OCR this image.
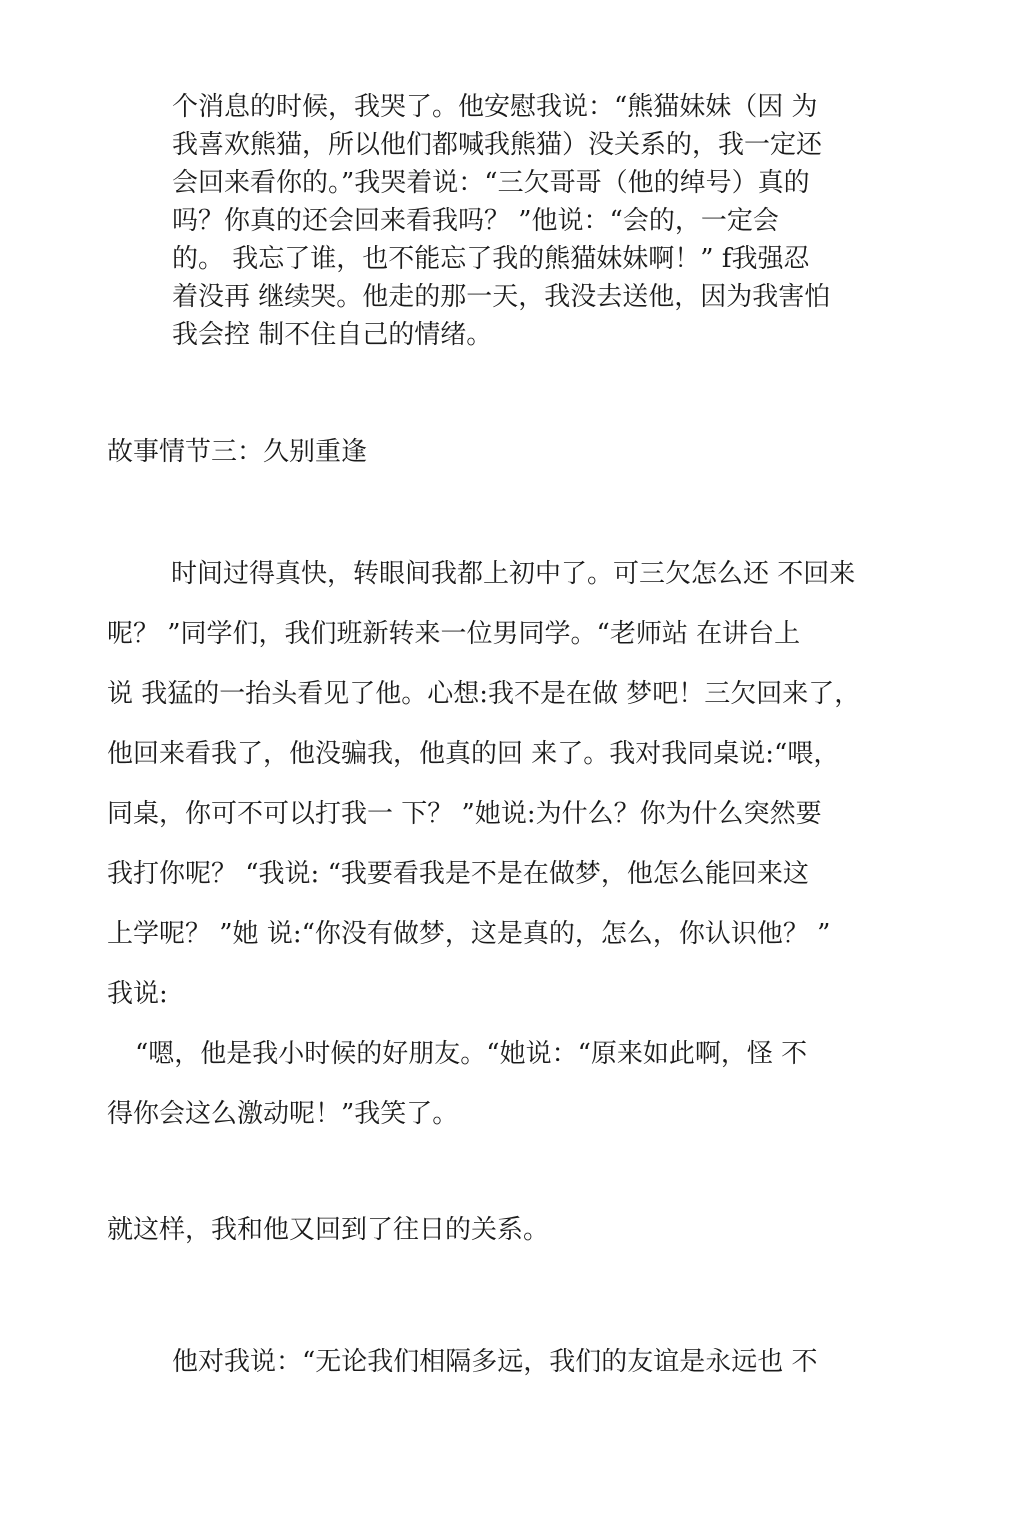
个消息的时候，我哭了。他安慰我说：“熊猫妹妹（因 为
我喜欢熊猫，所以他们都喊我熊猫）没关系的，我一定还
会回来看你的。”我哭着说：“三欠哥哥（他的绰号）真的
吗？你真的还会回来看我吗？ ”他说：“会的，一定会
的。 我忘了谁，也不能忘了我的熊猫妹妹啊！” f我强忍
着没再 继续哭。他走的那一天，我没去送他，因为我害怕
我会控 制不住自己的情绪。
故事情节三：久别重逢
时间过得真快，转眼间我都上初中了。可三欠怎么还 不回来
呢？ ”同学们，我们班新转来一位男同学。“老师站 在讲台上
说 我猛的一抬头看见了他。心想:我不是在做 梦吧！三欠回来了，
他回来看我了，他没骗我，他真的回 来了。我对我同桌说:“喂，
同桌，你可不可以打我一 下？ ”她说:为什么？你为什么突然要
我打你呢？ “我说: “我要看我是不是在做梦，他怎么能回来这
上学呢？ ”她 说:“你没有做梦，这是真的，怎么，你认识他？ ”
我说:
“嗯，他是我小时候的好朋友。“她说：“原来如此啊，怪 不
得你会这么激动呢！”我笑了。
就这样，我和他又回到了往日的关系。
他对我说：“无论我们相隔多远，我们的友谊是永远也 不
